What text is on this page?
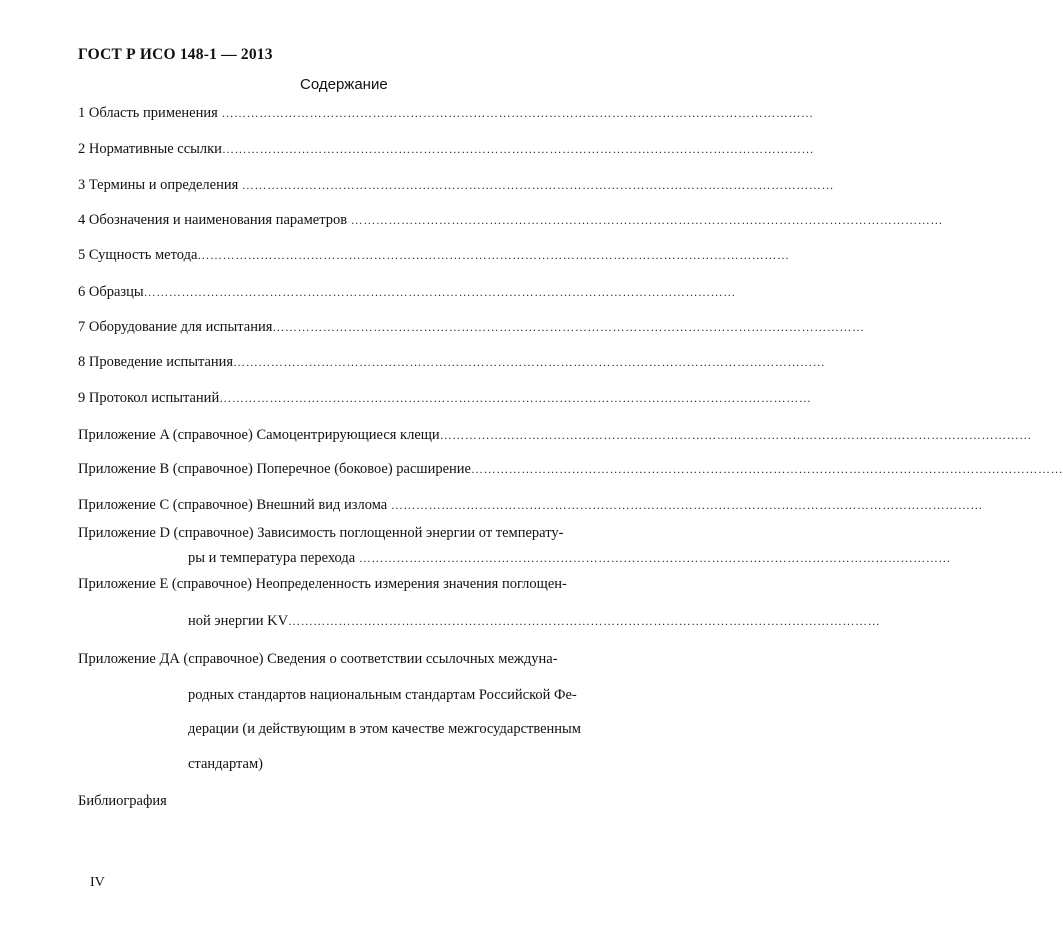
ГОСТ Р ИСО 148-1 — 2013
Содержание
1 Область применения ……………………………………………………………………………………………………………………………
2 Нормативные ссылки……………………………………………………………………………………………………………………………
3 Термины и определения ……………………………………………………………………………………………………………………………
4 Обозначения и наименования параметров ……………………………………………………………………………………………………………………………
5 Сущность метода……………………………………………………………………………………………………………………………
6 Образцы……………………………………………………………………………………………………………………………
7 Оборудование для испытания……………………………………………………………………………………………………………………………
8 Проведение испытания……………………………………………………………………………………………………………………………
9 Протокол испытаний……………………………………………………………………………………………………………………………
Приложение A (справочное) Самоцентрирующиеся клещи……………………………………………………………………………………………………………………………
Приложение B (справочное) Поперечное (боковое) расширение……………………………………………………………………………………………………………………………
Приложение C (справочное) Внешний вид излома ……………………………………………………………………………………………………………………………
Приложение D (справочное) Зависимость поглощенной энергии от температу-
ры и температура перехода ……………………………………………………………………………………………………………………………
Приложение E (справочное) Неопределенность измерения значения поглощен-
ной энергии KV……………………………………………………………………………………………………………………………
Приложение ДА (справочное) Сведения о соответствии ссылочных междуна-
родных стандартов национальным стандартам Российской Фе-
дерации (и действующим в этом качестве межгосударственным
стандартам)
Библиография
IV
